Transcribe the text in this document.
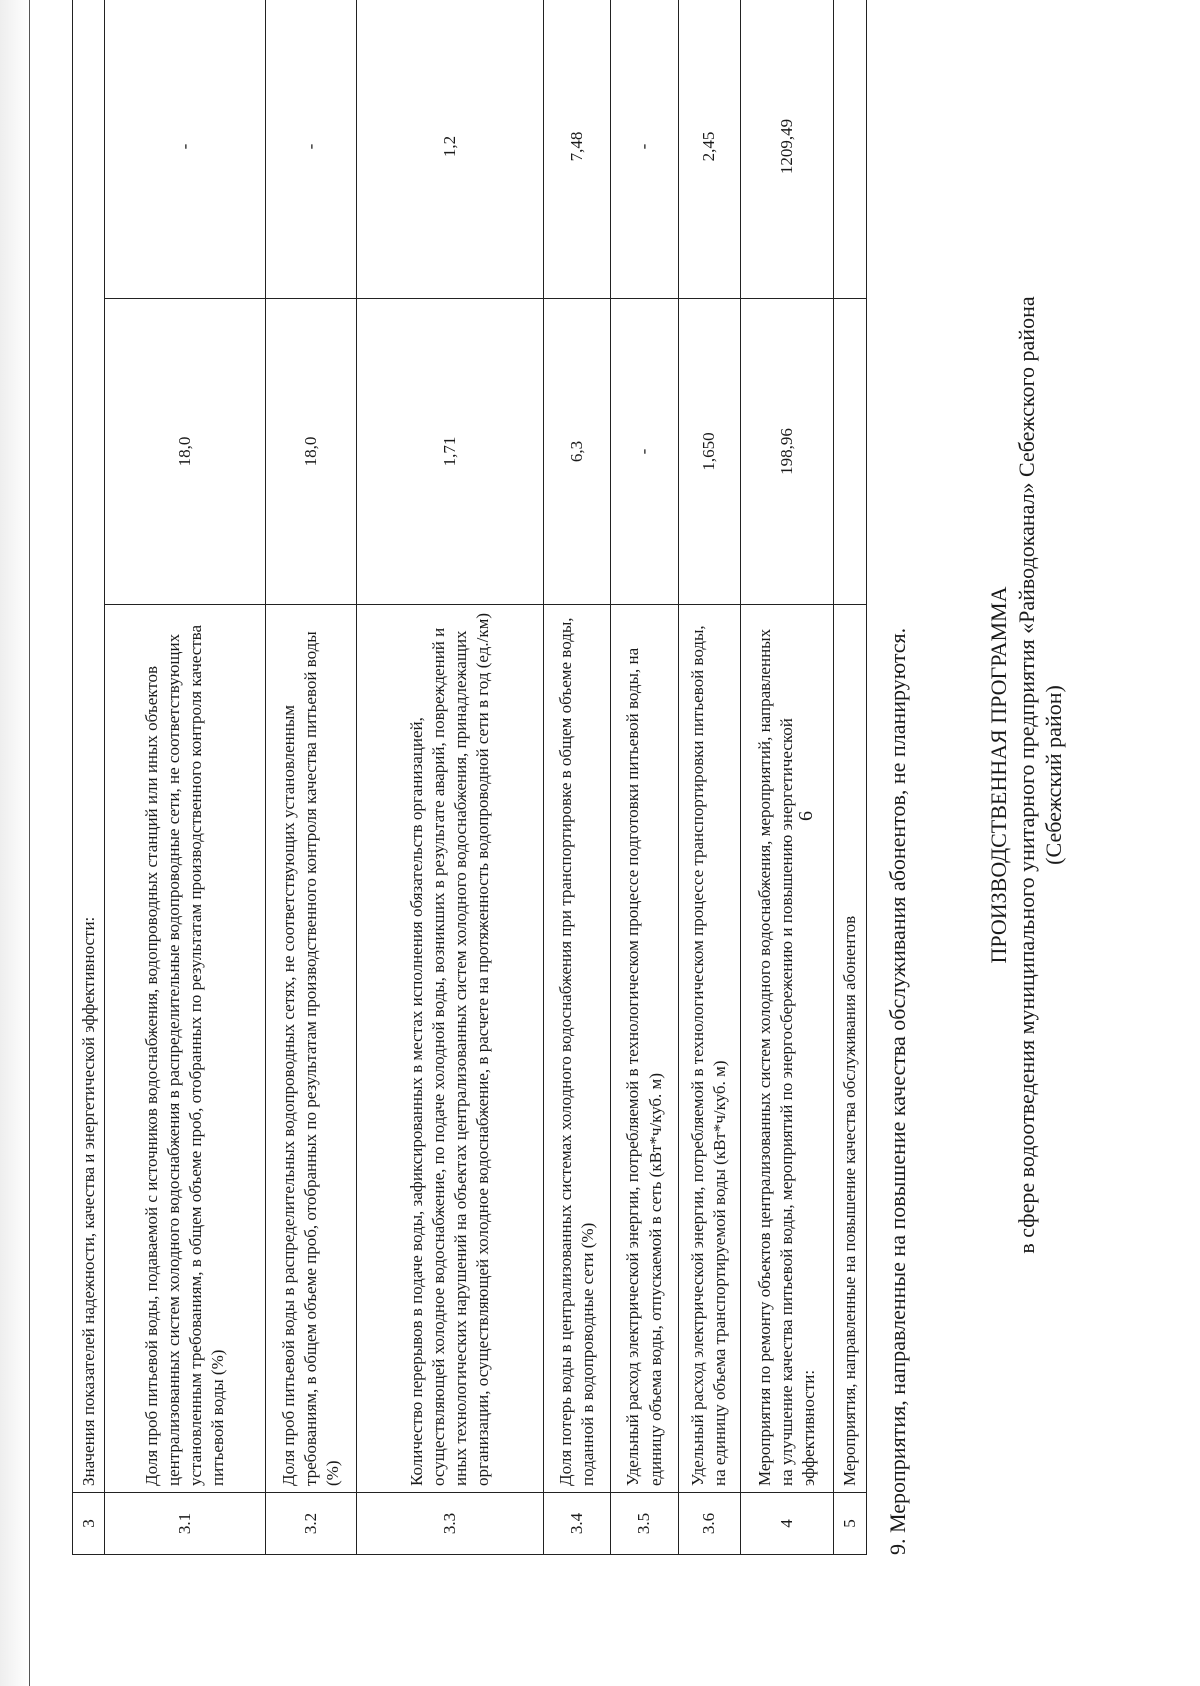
6
3	Значения показателей надежности, качества и энергетической эффективности:		
3.1	Доля проб питьевой воды, подаваемой с источников водоснабжения, водопроводных станций или иных объектов централизованных систем холодного водоснабжения в распределительные водопроводные сети, не соответствующих установленным требованиям, в общем объеме проб, отобранных по результатам производственного контроля качества питьевой воды (%)	18,0	-
3.2	Доля проб питьевой воды в распределительных водопроводных сетях, не соответствующих установленным требованиям, в общем объеме проб, отобранных по результатам производственного контроля качества питьевой воды (%)	18,0	-
3.3	Количество перерывов в подаче воды, зафиксированных в местах исполнения обязательств организацией, осуществляющей холодное водоснабжение, по подаче холодной воды, возникших в результате аварий, повреждений и иных технологических нарушений на объектах централизованных систем холодного водоснабжения, принадлежащих организации, осуществляющей холодное водоснабжение, в расчете на протяженность водопроводной сети в год (ед./км)	1,71	1,2
3.4	Доля потерь воды в централизованных системах холодного водоснабжения при транспортировке в общем объеме воды, поданной в водопроводные сети (%)	6,3	7,48
3.5	Удельный расход электрической энергии, потребляемой в технологическом процессе подготовки питьевой воды, на единицу объема воды, отпускаемой в сеть (кВт*ч/куб. м)	-	-
3.6	Удельный расход электрической энергии, потребляемой в технологическом процессе транспортировки питьевой воды, на единицу объема транспортируемой воды (кВт*ч/куб. м)	1,650	2,45
4	Мероприятия по ремонту объектов централизованных систем холодного водоснабжения, мероприятий, направленных на улучшение качества питьевой воды, мероприятий по энергосбережению и повышению энергетической эффективности:	198,96	1209,49
5	Мероприятия, направленные на повышение качества обслуживания абонентов		9. Мероприятия, направленные на повышение качества обслуживания абонентов, не планируются.	ПРОИЗВОДСТВЕННАЯ ПРОГРАММА в сфере водоотведения муниципального унитарного предприятия «Райводоканал» Себежского района (Себежский район)
